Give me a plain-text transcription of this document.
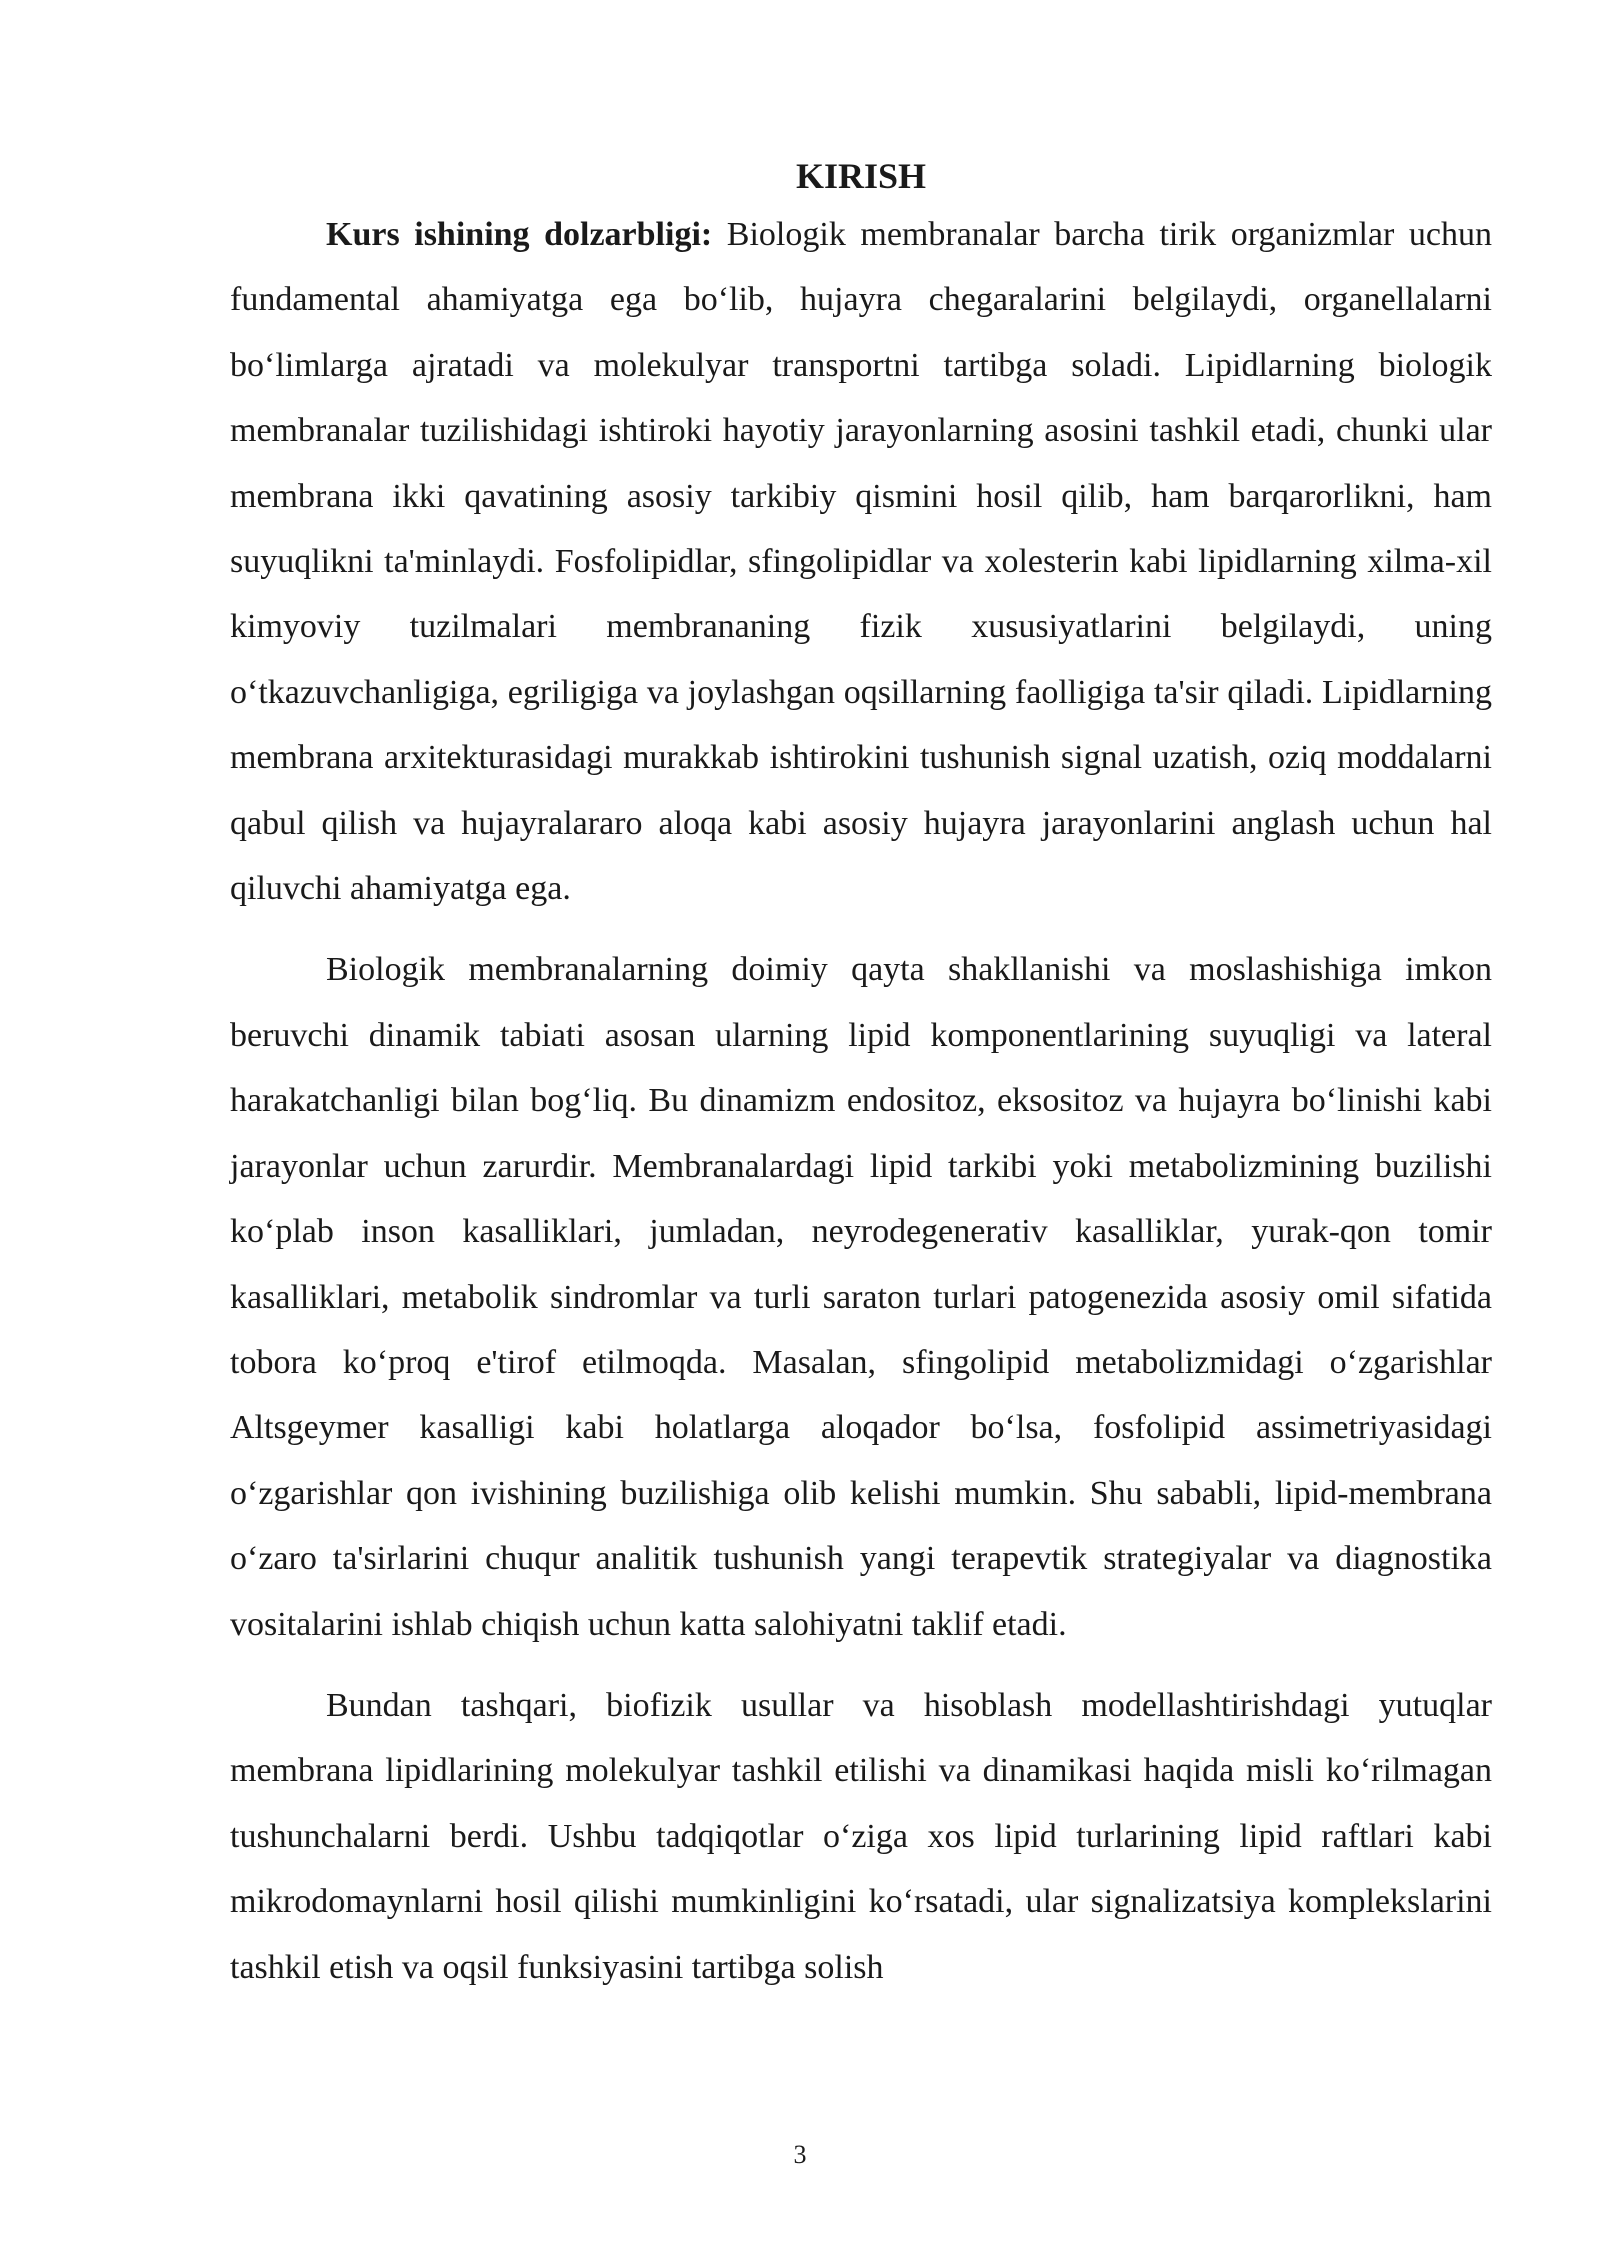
KIRISH

Kurs ishining dolzarbligi: Biologik membranalar barcha tirik organizmlar uchun fundamental ahamiyatga ega bo‘lib, hujayra chegaralarini belgilaydi, organellalarni bo‘limlarga ajratadi va molekulyar transportni tartibga soladi. Lipidlarning biologik membranalar tuzilishidagi ishtiroki hayotiy jarayonlarning asosini tashkil etadi, chunki ular membrana ikki qavatining asosiy tarkibiy qismini hosil qilib, ham barqarorlikni, ham suyuqlikni ta'minlaydi. Fosfolipidlar, sfingolipidlar va xolesterin kabi lipidlarning xilma-xil kimyoviy tuzilmalari membrananing fizik xususiyatlarini belgilaydi, uning o‘tkazuvchanligiga, egriligiga va joylashgan oqsillarning faolligiga ta'sir qiladi. Lipidlarning membrana arxitekturasidagi murakkab ishtirokini tushunish signal uzatish, oziq moddalarni qabul qilish va hujayralararo aloqa kabi asosiy hujayra jarayonlarini anglash uchun hal qiluvchi ahamiyatga ega.

Biologik membranalarning doimiy qayta shakllanishi va moslashishiga imkon beruvchi dinamik tabiati asosan ularning lipid komponentlarining suyuqligi va lateral harakatchanligi bilan bog‘liq. Bu dinamizm endositoz, eksositoz va hujayra bo‘linishi kabi jarayonlar uchun zarurdir. Membranalardagi lipid tarkibi yoki metabolizmining buzilishi ko‘plab inson kasalliklari, jumladan, neyrodegenerativ kasalliklar, yurak-qon tomir kasalliklari, metabolik sindromlar va turli saraton turlari patogenezida asosiy omil sifatida tobora ko‘proq e'tirof etilmoqda. Masalan, sfingolipid metabolizmidagi o‘zgarishlar Altsgeymer kasalligi kabi holatlarga aloqador bo‘lsa, fosfolipid assimetriyasidagi o‘zgarishlar qon ivishining buzilishiga olib kelishi mumkin. Shu sababli, lipid-membrana o‘zaro ta'sirlarini chuqur analitik tushunish yangi terapevtik strategiyalar va diagnostika vositalarini ishlab chiqish uchun katta salohiyatni taklif etadi.

Bundan tashqari, biofizik usullar va hisoblash modellashtirishdagi yutuqlar membrana lipidlarining molekulyar tashkil etilishi va dinamikasi haqida misli ko‘rilmagan tushunchalarni berdi. Ushbu tadqiqotlar o‘ziga xos lipid turlarining lipid raftlari kabi mikrodomaynlarni hosil qilishi mumkinligini ko‘rsatadi, ular signalizatsiya komplekslarini tashkil etish va oqsil funksiyasini tartibga solish

3
